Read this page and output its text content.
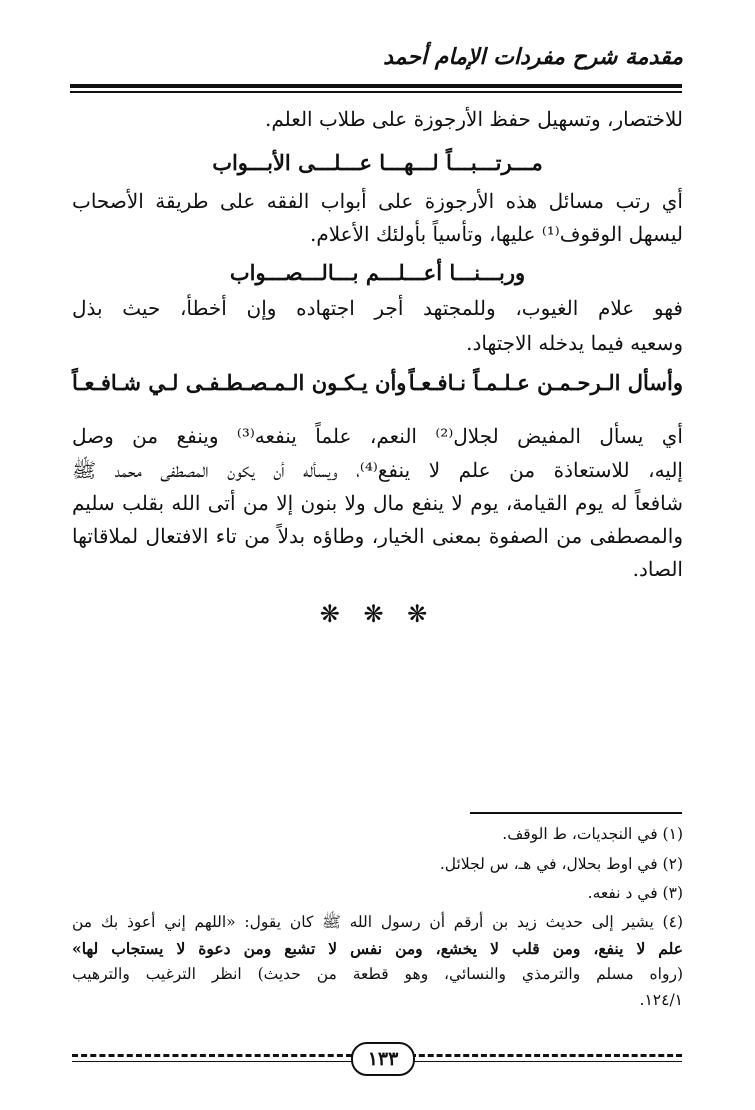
مقدمة شرح مفردات الإمام أحمد
للاختصار، وتسهيل حفظ الأرجوزة على طلاب العلم.
مـــرتـــبـــاً لـــهـــا عـــلـــى الأبـــواب
أي رتب مسائل هذه الأرجوزة على أبواب الفقه على طريقة الأصحاب
ليسهل الوقوف⁽¹⁾ عليها، وتأسياً بأولئك الأعلام.
وربـــنـــا أعـــلـــم بـــالـــصـــواب
فهو علام الغيوب، وللمجتهد أجر اجتهاده وإن أخطأ، حيث بذل
وسعيه فيما يدخله الاجتهاد.
وأسأل الـرحـمـن عـلـمـاً نـافـعـاً
وأن يـكـون الـمـصـطـفـى لـي شـافـعـاً
أي يسأل المفيض لجلال⁽²⁾ النعم، علماً ينفعه⁽³⁾ وينفع من وصل
إليه، للاستعاذة من علم لا ينفع⁽⁴⁾، ويسأله أن يكون المصطفى محمد ﷺ
شافعاً له يوم القيامة، يوم لا ينفع مال ولا بنون إلا من أتى الله بقلب سليم
والمصطفى من الصفوة بمعنى الخيار، وطاؤه بدلاً من تاء الافتعال لملاقاتها
الصاد.
❋ ❋ ❋
(١) في النجديات، ط الوقف.
(٢) في اوط بحلال، في هـ، س لجلائل.
(٣) في د نفعه.
(٤) يشير إلى حديث زيد بن أرقم أن رسول الله ﷺ كان يقول: «اللهم إني أعوذ بك من
علم لا ينفع، ومن قلب لا يخشع، ومن نفس لا تشبع ومن دعوة لا يستجاب لها»
(رواه مسلم والترمذي والنسائي، وهو قطعة من حديث) انظر الترغيب والترهيب
١٢٤/١.
١٣٣
